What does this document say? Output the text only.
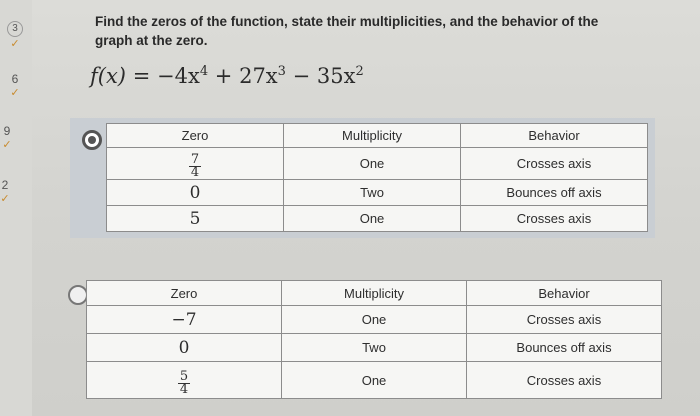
3
✓
6
✓
9
✓
2
✓
Find the zeros of the function, state their multiplicities, and the behavior of the graph at the zero.
$f(x) = -4x^4 + 27x^3 - 35x^2$
Zero	Multiplicity	Behavior

$\frac{7}{4}$	One	Crosses axis
0	Two	Bounces off axis
5	One	Crosses axis
Zero	Multiplicity	Behavior
−7	One	Crosses axis
0	Two	Bounces off axis

$\frac{5}{4}$	One	Crosses axis
